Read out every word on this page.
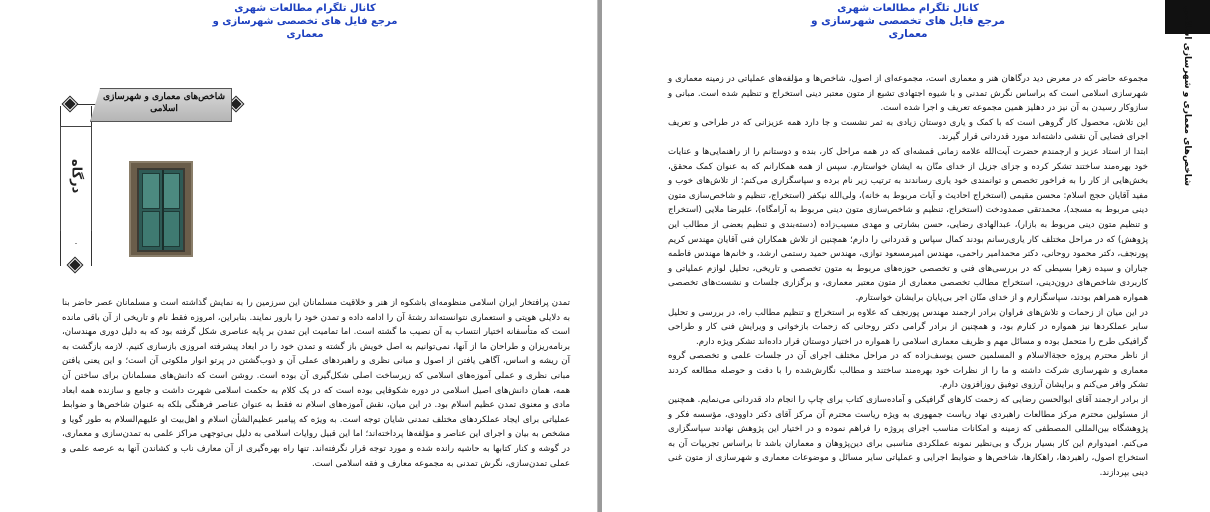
کانال تلگرام مطالعات شهری
مرجع فایل های تخصصی شهرسازی و معماری
شاخص‌های معماری و شهرسازی اسلامی
درگاه

تمدن پرافتخار ایران اسلامی منظومه‌ای باشکوه از هنر و خلاقیت مسلمانان این سرزمین را به نمایش گذاشته است و مسلمانان عصر حاضر بنا به دلایلی هویتی و استعماری نتوانسته‌اند رشته‌ٔ آن را ادامه داده و تمدن خود را بارور نمایند. بنابراین، امروزه فقط نام و تاریخی از آن باقی مانده است که متأسفانه اختیار انتساب به آن نصیب ما گشته است. اما تمامیت این تمدن بر پایه عناصری شکل گرفته بود که به دلیل دوری مهندسان، برنامه‌ریزان و طراحان ما از آنها، نمی‌توانیم به اصل خویش باز گشته و تمدن خود را در ابعاد پیشرفته امروزی بازسازی کنیم. لازمه بازگشت به آن ریشه و اساس، آگاهی یافتن از اصول و مبانی نظری و راهبردهای عملی آن و ذوب‌گشتن در پرتو انوار ملکوتی آن است؛ و این یعنی یافتن مبانی نظری و عملی آموزه‌های اسلامی که زیرساخت اصلی شکل‌گیری آن بوده است. روشن است که دانش‌های مسلمانان برای ساختن آن همه، همان دانش‌های اصیل اسلامی در دوره شکوفایی بوده است که در یک کلام به حکمت اسلامی شهرت داشت و جامع و سازنده همه ابعاد مادی و معنوی تمدن عظیم اسلام بود. در این میان، نقش آموزه‌های اسلام نه فقط به عنوان عناصر فرهنگی بلکه به عنوان شاخص‌ها و ضوابط عملیاتی برای ایجاد عملکردهای مختلف تمدنی شایان توجه است. به ویژه که پیامبر عظیم‌الشأن اسلام و اهل‌بیت او علیهم‌السلام به طور گویا و مشخص به بیان و اجرای این عناصر و مؤلفه‌ها پرداخته‌اند؛ اما این قبیل روایات اسلامی به دلیل بی‌توجهی مراکز علمی به تمدن‌سازی و معماری، در گوشه و کنار کتابها به حاشیه رانده شده و مورد توجه قرار نگرفته‌اند. تنها راه بهره‌گیری از آن معارف ناب و کشاندن آنها به عرصه علمی و عملی تمدن‌سازی، نگرش تمدنی به مجموعه معارف و فقه اسلامی است.

کانال تلگرام مطالعات شهری
مرجع فایل های تخصصی شهرسازی و معماری

مجموعه حاضر که در معرض دید درگاهان هنر و معماری است، مجموعه‌ای از اصول، شاخص‌ها و مؤلفه‌های عملیاتی در زمینه معماری و شهرسازی اسلامی است که براساس نگرش تمدنی و با شیوه اجتهادی تشیع از متون معتبر دینی استخراج و تنظیم شده است. مبانی و سازوکار رسیدن به آن نیز در دهلیز همین مجموعه تعریف و اجرا شده است.

این تلاش، محصول کار گروهی است که با کمک و یاری دوستان زیادی به ثمر نشست و جا دارد همه عزیزانی که در طراحی و تعریف اجرای فضایی آن نقشی داشته‌اند مورد قدردانی قرار گیرند.

ابتدا از استاد عزیز و ارجمندم حضرت آیت‌الله علامه زمانی قمشه‌ای که در همه مراحل کار، بنده و دوستانم را از راهنمایی‌ها و عنایات خود بهره‌مند ساختند تشکر کرده و جزای جزیل از خدای منّان به ایشان خواستارم. سپس از همه همکارانم که به عنوان کمک محقق، بخش‌هایی از کار را به فراخور تخصص و توانمندی خود یاری رساندند به ترتیب زیر نام برده و سپاسگزاری می‌کنم: از تلاش‌های خوب و مفید آقایان حجج اسلام: محسن مقیمی (استخراج احادیث و آیات مربوط به خانه)، ولی‌الله نیکفر (استخراج، تنظیم و شاخص‌سازی متون دینی مربوط به مسجد)، محمدتقی صمدودخت (استخراج، تنظیم و شاخص‌سازی متون دینی مربوط به آرامگاه)، علیرضا ملایی (استخراج و تنظیم متون دینی مربوط به بازار)، عبدالهادی رضایی، حسن بشارتی و مهدی مسیب‌زاده (دسته‌بندی و تنظیم بعضی از مطالب این پژوهش) که در مراحل مختلف کار یاری‌رسانم بودند کمال سپاس و قدردانی را دارم؛ همچنین از تلاش همکاران فنی آقایان مهندس کریم پورنجف، دکتر محمود روحانی، دکتر محمدامیر راحمی، مهندس امیرمسعود نوازی، مهندس حمید رستمی ارشد، و خانم‌ها مهندس فاطمه جباران و سیده زهرا بسیطی که در بررسی‌های فنی و تخصصی حوزه‌های مربوط به متون تخصصی و تاریخی، تحلیل لوازم عملیاتی و کاربردی شاخص‌های درون‌دینی، استخراج مطالب تخصصی معماری از متون معتبر معماری، و برگزاری جلسات و نشست‌های تخصصی همواره همراهم بودند، سپاسگزارم و از خدای منّان اجر بی‌پایان برایشان خواستارم.

در این میان از زحمات و تلاش‌های فراوان برادر ارجمند مهندس پورنجف که علاوه بر استخراج و تنظیم مطالب راه، در بررسی و تحلیل سایر عملکردها نیز همواره در کنارم بود، و همچنین از برادر گرامی دکتر روحانی که زحمات بازخوانی و ویرایش فنی کار و طراحی گرافیکی طرح را متحمل بوده و مسائل مهم و ظریف معماری اسلامی را همواره در اختیار دوستان قرار داده‌اند تشکر ویژه دارم.

از ناظر محترم پروژه حجة‌الاسلام و المسلمین حسن یوسف‌زاده که در مراحل مختلف اجرای آن در جلسات علمی و تخصصی گروه معماری و شهرسازی شرکت داشته و ما را از نظرات خود بهره‌مند ساختند و مطالب نگارش‌شده را با دقت و حوصله مطالعه کردند تشکر وافر می‌کنم و برایشان آرزوی توفیق روزافزون دارم.

از برادر ارجمند آقای ابوالحسن رضایی که زحمت کارهای گرافیکی و آماده‌سازی کتاب برای چاپ را انجام داد قدردانی می‌نمایم. همچنین از مسئولین محترم مرکز مطالعات راهبردی نهاد ریاست جمهوری به ویژه ریاست محترم آن مرکز آقای دکتر داوودی، مؤسسه فکر و پژوهشگاه بین‌المللی المصطفی که زمینه و امکانات مناسب اجرای پروژه را فراهم نموده و در اختیار این پژوهش نهادند سپاسگزاری می‌کنم. امیدوارم این کار بسیار بزرگ و بی‌نظیر نمونه عملکردی مناسبی برای دین‌پژوهان و معماران باشد تا براساس تجربیات آن به استخراج اصول، راهبردها، راهکارها، شاخص‌ها و ضوابط اجرایی و عملیاتی سایر مسائل و موضوعات معماری و شهرسازی از متون غنی دینی بپردازند.

شاخص‌های معماری و شهرسازی اسلامی
